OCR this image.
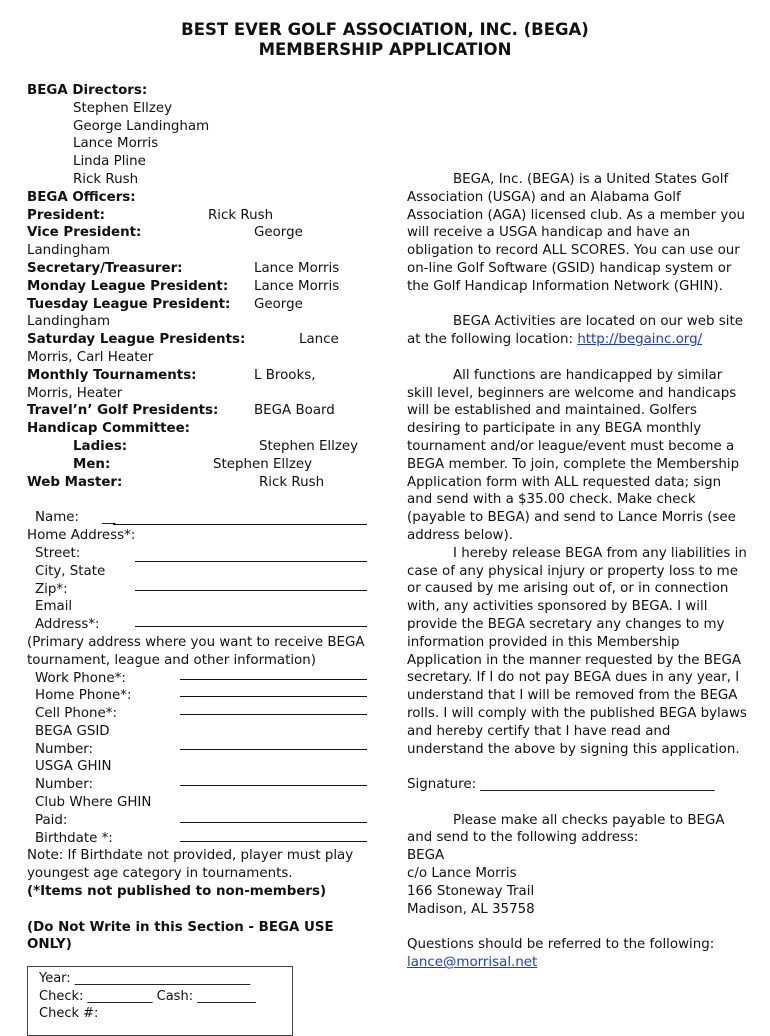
BEST EVER GOLF ASSOCIATION, INC. (BEGA)
MEMBERSHIP APPLICATION
BEGA Directors:
Stephen Ellzey
George Landingham
Lance Morris
Linda Pline
Rick Rush
BEGA Officers:
President:	Rick Rush
Vice President:	George
Landingham
Secretary/Treasurer:	Lance Morris
Monday League President: Lance Morris
Tuesday League President: George
Landingham
Saturday League Presidents:	Lance
Morris, Carl Heater
Monthly Tournaments:	L Brooks,
Morris, Heater
Travel’n’ Golf Presidents:	BEGA Board
Handicap Committee:
Ladies:	Stephen Ellzey
Men:	Stephen Ellzey
Web Master:	Rick Rush
Name: __
Home Address*:
Street:
City, State
Zip*:
Email
Address*:
(Primary address where you want to receive BEGA tournament, league and other information)
Work Phone*:
Home Phone*:
Cell Phone*:
BEGA GSID
Number:
USGA GHIN
Number:
Club Where GHIN
Paid:
Birthdate *:
Note: If Birthdate not provided, player must play youngest age category in tournaments.
(*Items not published to non-members)
(Do Not Write in this Section - BEGA USE ONLY)
Year: ___________________________
Check: __________ Cash: _________
Check #:
BEGA, Inc. (BEGA) is a United States Golf Association (USGA) and an Alabama Golf Association (AGA) licensed club. As a member you will receive a USGA handicap and have an obligation to record ALL SCORES. You can use our on-line Golf Software (GSID) handicap system or the Golf Handicap Information Network (GHIN).
BEGA Activities are located on our web site at the following location: http://begainc.org/
All functions are handicapped by similar skill level, beginners are welcome and handicaps will be established and maintained. Golfers desiring to participate in any BEGA monthly tournament and/or league/event must become a BEGA member. To join, complete the Membership Application form with ALL requested data; sign and send with a $35.00 check. Make check (payable to BEGA) and send to Lance Morris (see address below).
I hereby release BEGA from any liabilities in case of any physical injury or property loss to me or caused by me arising out of, or in connection with, any activities sponsored by BEGA. I will provide the BEGA secretary any changes to my information provided in this Membership Application in the manner requested by the BEGA secretary. If I do not pay BEGA dues in any year, I understand that I will be removed from the BEGA rolls. I will comply with the published BEGA bylaws and hereby certify that I have read and understand the above by signing this application.
Signature: ___________________________________
Please make all checks payable to BEGA and send to the following address:
BEGA
c/o Lance Morris
166 Stoneway Trail
Madison, AL 35758
Questions should be referred to the following:
lance@morrisal.net
